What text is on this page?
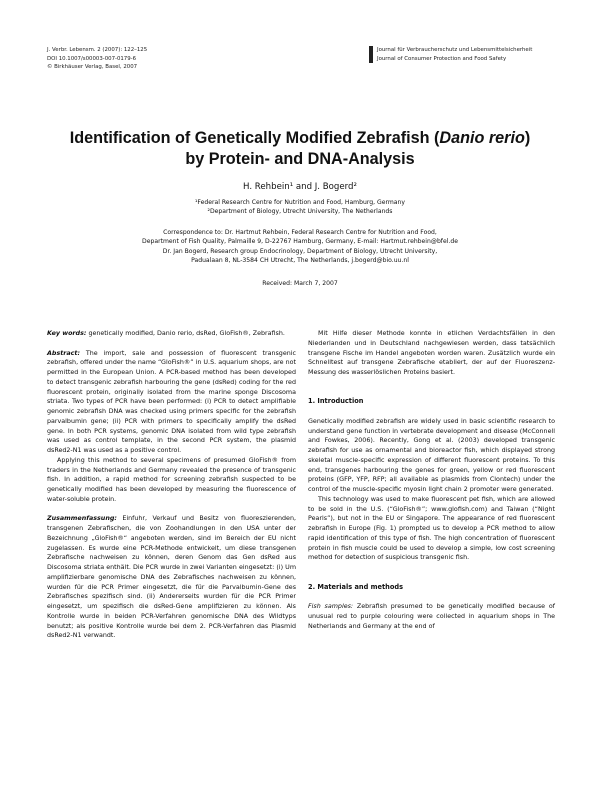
J. Verbr. Lebensm. 2 (2007): 122–125
DOI 10.1007/s00003-007-0179-6
© Birkhäuser Verlag, Basel, 2007
Journal für Verbraucherschutz und Lebensmittelsicherheit
Journal of Consumer Protection and Food Safety
Identification of Genetically Modified Zebrafish (Danio rerio)
by Protein- and DNA-Analysis
H. Rehbein¹ and J. Bogerd²
¹Federal Research Centre for Nutrition and Food, Hamburg, Germany
²Department of Biology, Utrecht University, The Netherlands
Correspondence to: Dr. Hartmut Rehbein, Federal Research Centre for Nutrition and Food,
Department of Fish Quality, Palmaille 9, D-22767 Hamburg, Germany, E-mail: Hartmut.rehbein@bfel.de
Dr. Jan Bogerd, Research group Endocrinology, Department of Biology, Utrecht University,
Padualaan 8, NL-3584 CH Utrecht, The Netherlands, j.bogerd@bio.uu.nl
Received: March 7, 2007

Key words: genetically modified, Danio rerio, dsRed, GloFish®, Zebrafish.

Abstract: The import, sale and possession of fluorescent transgenic zebrafish, offered under the name “GloFish®” in U.S. aquarium shops, are not permitted in the European Union. A PCR-based method has been developed to detect transgenic zebrafish harbouring the gene (dsRed) coding for the red fluorescent protein, originally isolated from the marine sponge Discosoma striata. Two types of PCR have been performed: (i) PCR to detect amplifiable genomic zebrafish DNA was checked using primers specific for the zebrafish parvalbumin gene; (ii) PCR with primers to specifically amplify the dsRed gene. In both PCR systems, genomic DNA isolated from wild type zebrafish was used as control template, in the second PCR system, the plasmid dsRed2-N1 was used as a positive control.

Applying this method to several specimens of presumed GloFish® from traders in the Netherlands and Germany revealed the presence of transgenic fish. In addition, a rapid method for screening zebrafish suspected to be genetically modified has been developed by measuring the fluorescence of water-soluble protein.

Zusammenfassung: Einfuhr, Verkauf und Besitz von fluoreszierenden, transgenen Zebrafischen, die von Zoohandlungen in den USA unter der Bezeichnung „GloFish®“ angeboten werden, sind im Bereich der EU nicht zugelassen. Es wurde eine PCR-Methode entwickelt, um diese transgenen Zebrafische nachweisen zu können, deren Genom das Gen dsRed aus Discosoma striata enthält. Die PCR wurde in zwei Varianten eingesetzt: (i) Um amplifizierbare genomische DNA des Zebrafisches nachweisen zu können, wurden für die PCR Primer eingesetzt, die für die Parvalbumin-Gene des Zebrafisches spezifisch sind. (ii) Andererseits wurden für die PCR Primer eingesetzt, um spezifisch die dsRed-Gene amplifizieren zu können. Als Kontrolle wurde in beiden PCR-Verfahren genomische DNA des Wildtyps benutzt; als positive Kontrolle wurde bei dem 2. PCR-Verfahren das Plasmid dsRed2-N1 verwandt.

Mit Hilfe dieser Methode konnte in etlichen Verdachtsfällen in den Niederlanden und in Deutschland nachgewiesen werden, dass tatsächlich transgene Fische im Handel angeboten worden waren. Zusätzlich wurde ein Schnelltest auf transgene Zebrafische etabliert, der auf der Fluoreszenz-Messung des wasserlöslichen Proteins basiert.

1. Introduction

Genetically modified zebrafish are widely used in basic scientific research to understand gene function in vertebrate development and disease (McConnell and Fowkes, 2006). Recently, Gong et al. (2003) developed transgenic zebrafish for use as ornamental and bioreactor fish, which displayed strong skeletal muscle-specific expression of different fluorescent proteins. To this end, transgenes harbouring the genes for green, yellow or red fluorescent proteins (GFP, YFP, RFP; all available as plasmids from Clontech) under the control of the muscle-specific myosin light chain 2 promoter were generated.

This technology was used to make fluorescent pet fish, which are allowed to be sold in the U.S. (“GloFish®”; www.glofish.com) and Taiwan (“Night Pearls”), but not in the EU or Singapore. The appearance of red fluorescent zebrafish in Europe (Fig. 1) prompted us to develop a PCR method to allow rapid identification of this type of fish. The high concentration of fluorescent protein in fish muscle could be used to develop a simple, low cost screening method for detection of suspicious transgenic fish.

2. Materials and methods

Fish samples: Zebrafish presumed to be genetically modified because of unusual red to purple colouring were collected in aquarium shops in The Netherlands and Germany at the end of
